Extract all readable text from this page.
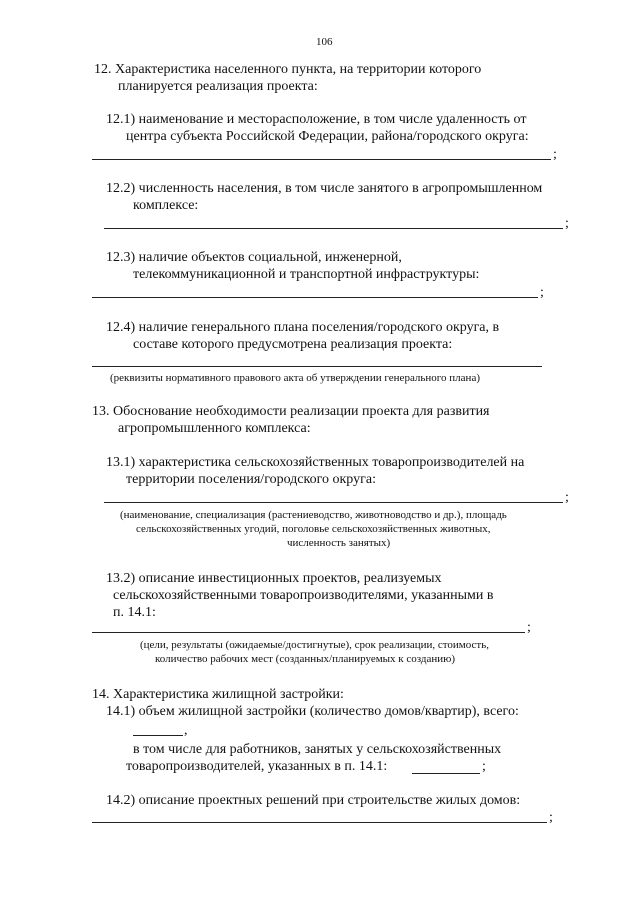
106
12. Характеристика населенного пункта, на территории которого
планируется реализация проекта:
12.1) наименование и месторасположение, в том числе удаленность от
центра субъекта Российской Федерации, района/городского округа:
;
12.2) численность населения, в том числе занятого в агропромышленном
комплексе:
;
12.3) наличие объектов социальной, инженерной,
телекоммуникационной и транспортной инфраструктуры:
;
12.4) наличие генерального плана поселения/городского округа, в
составе которого предусмотрена реализация проекта:
(реквизиты нормативного правового акта об утверждении генерального плана)
13. Обоснование необходимости реализации проекта для развития
агропромышленного комплекса:
13.1) характеристика сельскохозяйственных товаропроизводителей на
территории поселения/городского округа:
;
(наименование, специализация (растениеводство, животноводство и др.), площадь
сельскохозяйственных угодий, поголовье сельскохозяйственных животных,
численность занятых)
13.2) описание инвестиционных проектов, реализуемых
сельскохозяйственными товаропроизводителями, указанными в
п. 14.1:
;
(цели, результаты (ожидаемые/достигнутые), срок реализации, стоимость,
количество рабочих мест (созданных/планируемых к созданию)
14. Характеристика жилищной застройки:
14.1) объем жилищной застройки (количество домов/квартир), всего:
,
в том числе для работников, занятых у сельскохозяйственных
товаропроизводителей, указанных в п. 14.1:	;
14.2) описание проектных решений при строительстве жилых домов:
;
